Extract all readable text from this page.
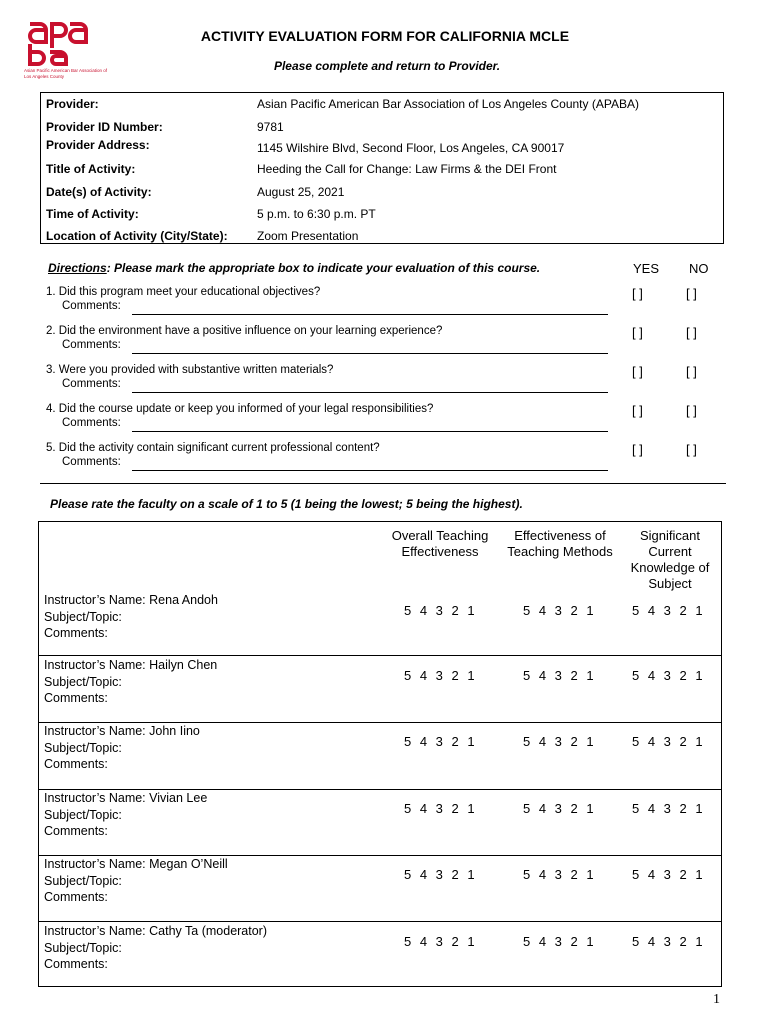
Asian Pacific American Bar Association of Los Angeles County
ACTIVITY EVALUATION FORM FOR CALIFORNIA MCLE
Please complete and return to Provider.
Provider:	Asian Pacific American Bar Association of Los Angeles County (APABA)
Provider ID Number:	9781
Provider Address:	1145 Wilshire Blvd, Second Floor, Los Angeles, CA 90017
Title of Activity:	Heeding the Call for Change: Law Firms & the DEI Front
Date(s) of Activity:	August 25, 2021
Time of Activity:	5 p.m. to 6:30 p.m. PT
Location of Activity (City/State): Zoom Presentation
Directions: Please mark the appropriate box to indicate your evaluation of this course.	YES NO
1. Did this program meet your educational objectives?
Comments:
[ ]	[ ]
2. Did the environment have a positive influence on your learning experience?
Comments:
[ ]	[ ]
3. Were you provided with substantive written materials?
Comments:
[ ]	[ ]
4. Did the course update or keep you informed of your legal responsibilities?
Comments:
[ ]	[ ]
5. Did the activity contain significant current professional content?
Comments:
[ ]	[ ]
Please rate the faculty on a scale of 1 to 5 (1 being the lowest; 5 being the highest).
Overall Teaching Effectiveness
Effectiveness of Teaching Methods
Significant Current Knowledge of Subject
Instructor’s Name: Rena Andoh
Subject/Topic:
Comments:
5 4 3 2 1	5 4 3 2 1	5 4 3 2 1
Instructor’s Name: Hailyn Chen
Subject/Topic:
Comments:
5 4 3 2 1	5 4 3 2 1	5 4 3 2 1
Instructor’s Name: John Iino
Subject/Topic:
Comments:
5 4 3 2 1	5 4 3 2 1	5 4 3 2 1
Instructor’s Name: Vivian Lee
Subject/Topic:
Comments:
5 4 3 2 1	5 4 3 2 1	5 4 3 2 1
Instructor’s Name: Megan O’Neill
Subject/Topic:
Comments:
5 4 3 2 1	5 4 3 2 1	5 4 3 2 1
Instructor’s Name: Cathy Ta (moderator)
Subject/Topic:
Comments:
5 4 3 2 1	5 4 3 2 1	5 4 3 2 1
1
